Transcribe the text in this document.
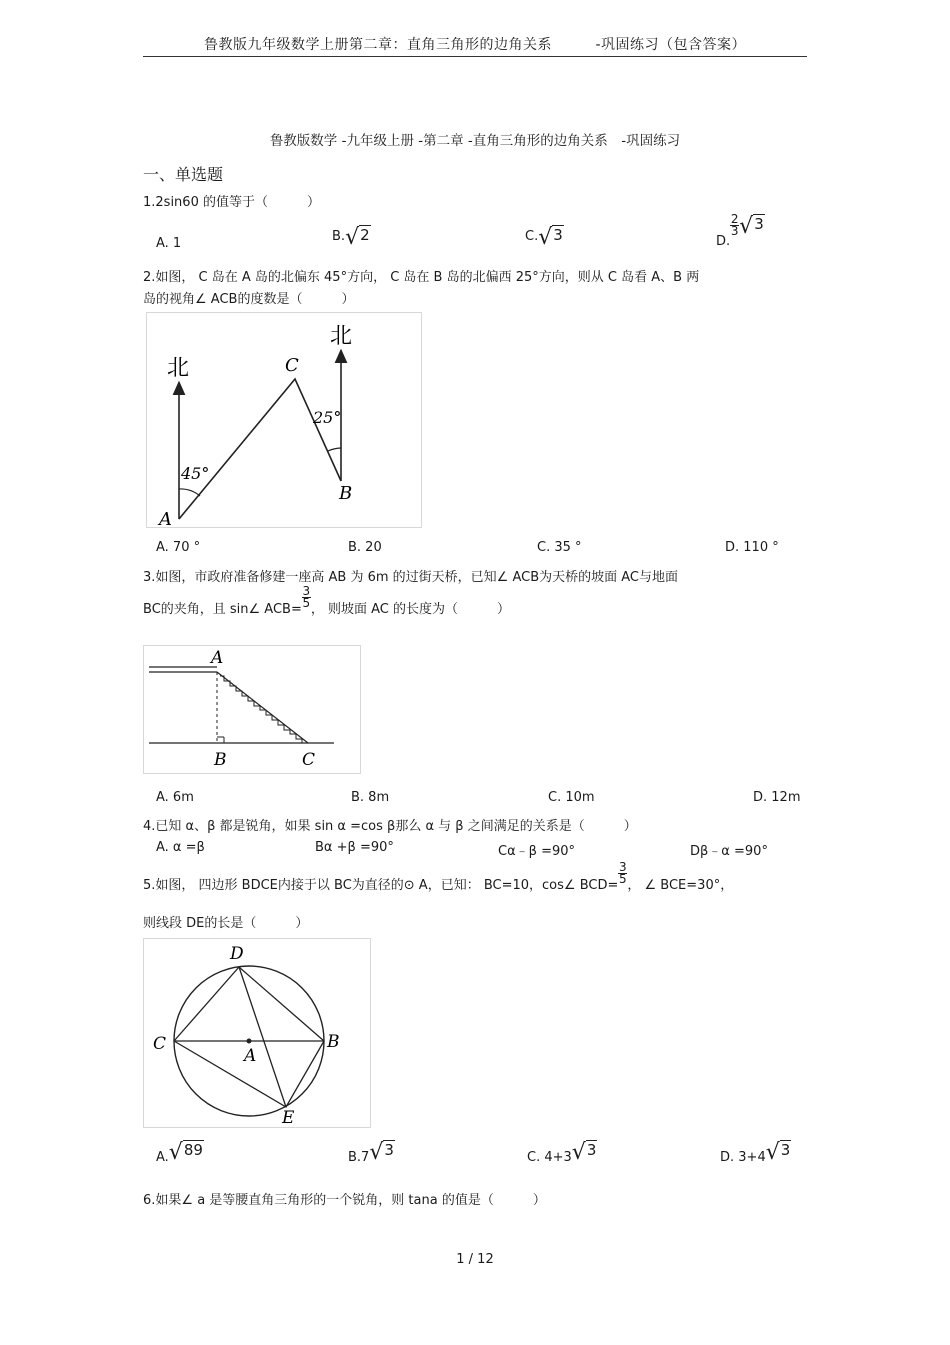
鲁教版九年级数学上册第二章：直角三角形的边角关系　　　-巩固练习（包含答案）
鲁教版数学 -九年级上册 -第二章 -直角三角形的边角关系　-巩固练习
一、单选题
1.2sin60 的值等于（　　　）
A. 1	B.√2	C.√3	D.
$\frac{2}{3} √3$
2.如图， C 岛在 A 岛的北偏东 45°方向， C 岛在 B 岛的北偏西 25°方向，则从 C 岛看 A、B 两
岛的视角∠ ACB的度数是（　　　）
北
北
45°
25°
A
B
C
A. 70 °	B. 20	C. 35 °	D. 110 °
3.如图，市政府准备修建一座高 AB 为 6m 的过街天桥，已知∠ ACB为天桥的坡面 AC与地面
BC的夹角，且 sin∠ ACB=
$\frac{3}{5}$
， 则坡面 AC 的长度为（　　　）
A
B	C
A. 6m	B. 8m	C. 10m	D. 12m
4.已知 α、β 都是锐角，如果 sin α =cos β那么 α 与 β 之间满足的关系是（　　　）
A. α =β	Bα +β =90°	Cα﹣β =90°	Dβ﹣α =90°
5.如图， 四边形 BDCE内接于以 BC为直径的⊙ A，已知： BC=10，cos∠ BCD=
$\frac{3}{5}$
， ∠ BCE=30°，
则线段 DE的长是（　　　）
D
C	B
A
E
A.√89	B.7√3	C. 4+3√3	D. 3+4√3
6.如果∠ a 是等腰直角三角形的一个锐角，则 tana 的值是（　　　）
1 / 12
